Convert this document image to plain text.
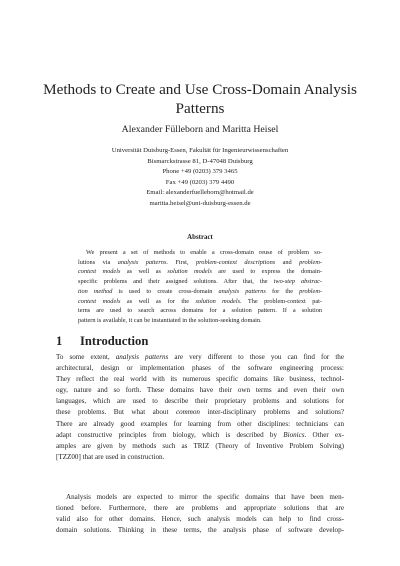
Methods to Create and Use Cross-Domain Analysis
Patterns
Alexander Fülleborn and Maritta Heisel
Universität Duisburg-Essen, Fakultät für Ingenieurwissenschaften
Bismarckstrasse 81, D-47048 Duisburg
Phone +49 (0203) 379 3465
Fax +49 (0203) 379 4490
Email: alexanderfuelleborn@hotmail.de
maritta.heisel@uni-duisburg-essen.de
Abstract
We present a set of methods to enable a cross-domain reuse of problem so-
lutions via analysis patterns. First, problem-context descriptions and problem-
context models as well as solution models are used to express the domain-
specific problems and their assigned solutions. After that, the two-step abstrac-
tion method is used to create cross-domain analysis patterns for the problem-
context models as well as for the solution models. The problem-context pat-
terns are used to search across domains for a solution pattern. If a solution
pattern is available, it can be instantiated in the solution-seeking domain.
1 Introduction
To some extent, analysis patterns are very different to those you can find for the
architectural, design or implementation phases of the software engineering process:
They reflect the real world with its numerous specific domains like business, technol-
ogy, nature and so forth. These domains have their own terms and even their own
languages, which are used to describe their proprietary problems and solutions for
these problems. But what about common inter-disciplinary problems and solutions?
There are already good examples for learning from other disciplines: technicians can
adapt constructive principles from biology, which is described by Bionics. Other ex-
amples are given by methods such as TRIZ (Theory of Inventive Problem Solving)
[TZZ00] that are used in construction.
Analysis models are expected to mirror the specific domains that have been men-
tioned before. Furthermore, there are problems and appropriate solutions that are
valid also for other domains. Hence, such analysis models can help to find cross-
domain solutions. Thinking in these terms, the analysis phase of software develop-
